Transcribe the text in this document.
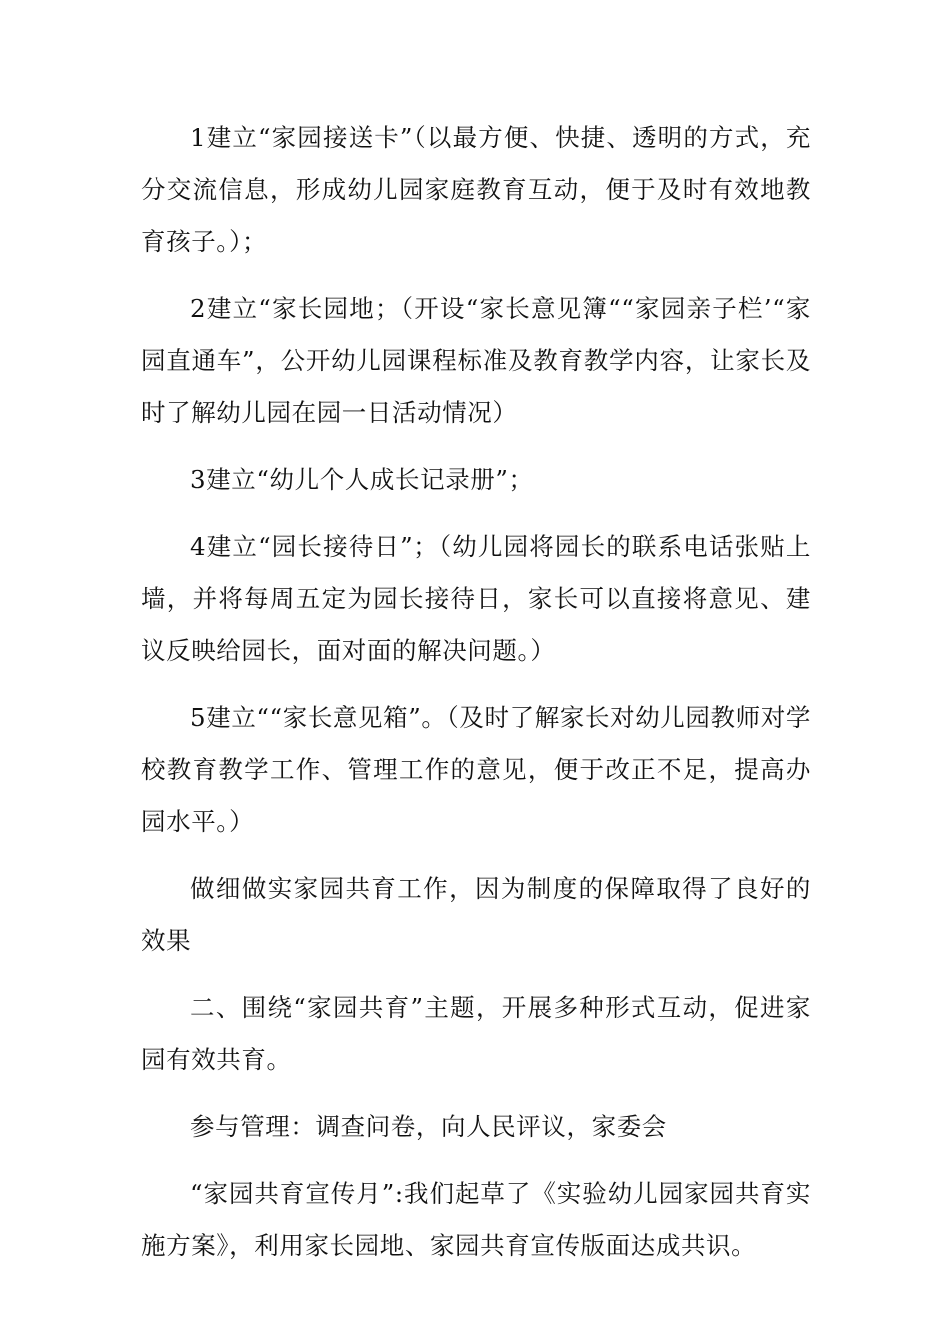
1建立“家园接送卡”（以最方便、快捷、透明的方式，充分交流信息，形成幼儿园家庭教育互动，便于及时有效地教育孩子。）；

2建立“家长园地；（开设“家长意见簿““家园亲子栏’“家园直通车”，公开幼儿园课程标准及教育教学内容，让家长及时了解幼儿园在园一日活动情况）

3建立“幼儿个人成长记录册”；

4建立“园长接待日”；（幼儿园将园长的联系电话张贴上墙，并将每周五定为园长接待日，家长可以直接将意见、建议反映给园长，面对面的解决问题。）

5建立““家长意见箱”。（及时了解家长对幼儿园教师对学校教育教学工作、管理工作的意见，便于改正不足，提高办园水平。）

做细做实家园共育工作，因为制度的保障取得了良好的效果

二、围绕“家园共育”主题，开展多种形式互动，促进家园有效共育。

参与管理：调查问卷，向人民评议，家委会

“家园共育宣传月”:我们起草了《实验幼儿园家园共育实施方案》，利用家长园地、家园共育宣传版面达成共识。
